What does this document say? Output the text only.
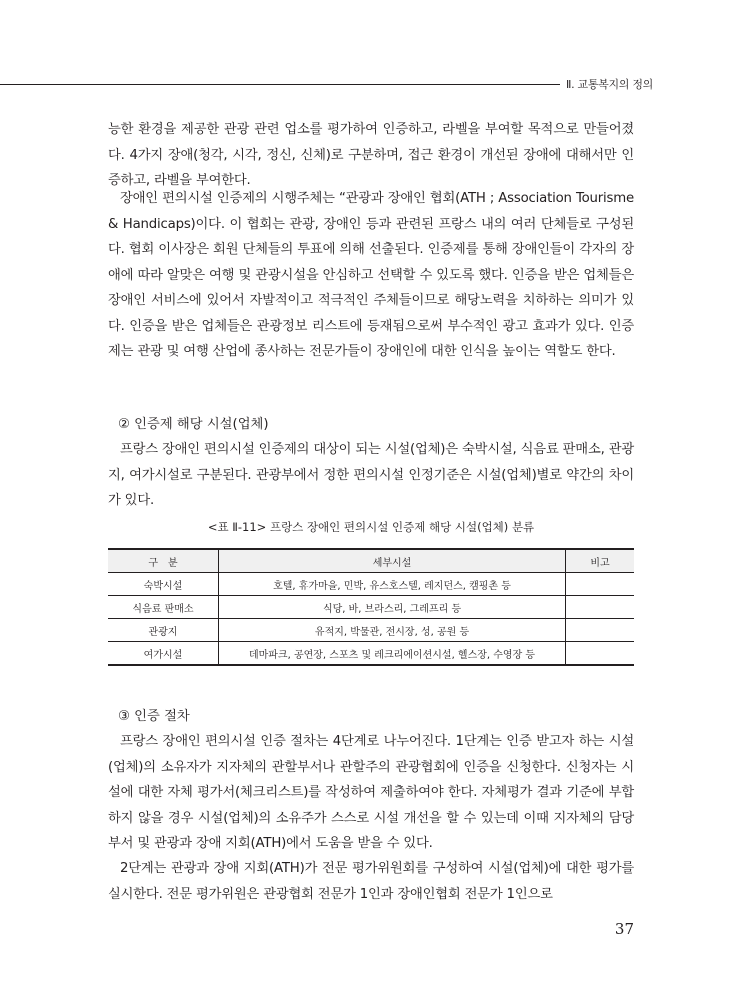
Ⅱ. 교통복지의 정의

능한 환경을 제공한 관광 관련 업소를 평가하여 인증하고, 라벨을 부여할 목적으로 만들어졌다. 4가지 장애(청각, 시각, 정신, 신체)로 구분하며, 접근 환경이 개선된 장애에 대해서만 인증하고, 라벨을 부여한다.

장애인 편의시설 인증제의 시행주체는 “관광과 장애인 협회(ATH ; Association Tourisme & Handicaps)이다. 이 협회는 관광, 장애인 등과 관련된 프랑스 내의 여러 단체들로 구성된다. 협회 이사장은 회원 단체들의 투표에 의해 선출된다. 인증제를 통해 장애인들이 각자의 장애에 따라 알맞은 여행 및 관광시설을 안심하고 선택할 수 있도록 했다. 인증을 받은 업체들은 장애인 서비스에 있어서 자발적이고 적극적인 주체들이므로 해당노력을 치하하는 의미가 있다. 인증을 받은 업체들은 관광정보 리스트에 등재됨으로써 부수적인 광고 효과가 있다. 인증제는 관광 및 여행 산업에 종사하는 전문가들이 장애인에 대한 인식을 높이는 역할도 한다.

② 인증제 해당 시설(업체)

프랑스 장애인 편의시설 인증제의 대상이 되는 시설(업체)은 숙박시설, 식음료 판매소, 관광지, 여가시설로 구분된다. 관광부에서 정한 편의시설 인정기준은 시설(업체)별로 약간의 차이가 있다.

<표 Ⅱ-11> 프랑스 장애인 편의시설 인증제 해당 시설(업체) 분류
구　분	세부시설	비고
숙박시설	호텔, 휴가마을, 민박, 유스호스텔, 레지던스, 캠핑촌 등	
식음료 판매소	식당, 바, 브라스리, 그레프리 등	
관광지	유적지, 박물관, 전시장, 성, 공원 등	
여가시설	데마파크, 공연장, 스포츠 및 레크리에이션시설, 헬스장, 수영장 등	
③ 인증 절차

프랑스 장애인 편의시설 인증 절차는 4단계로 나누어진다. 1단계는 인증 받고자 하는 시설(업체)의 소유자가 지자체의 관할부서나 관할주의 관광협회에 인증을 신청한다. 신청자는 시설에 대한 자체 평가서(체크리스트)를 작성하여 제출하여야 한다. 자체평가 결과 기준에 부합하지 않을 경우 시설(업체)의 소유주가 스스로 시설 개선을 할 수 있는데 이때 지자체의 담당부서 및 관광과 장애 지회(ATH)에서 도움을 받을 수 있다.

2단계는 관광과 장애 지회(ATH)가 전문 평가위원회를 구성하여 시설(업체)에 대한 평가를 실시한다. 전문 평가위원은 관광협회 전문가 1인과 장애인협회 전문가 1인으로

37
